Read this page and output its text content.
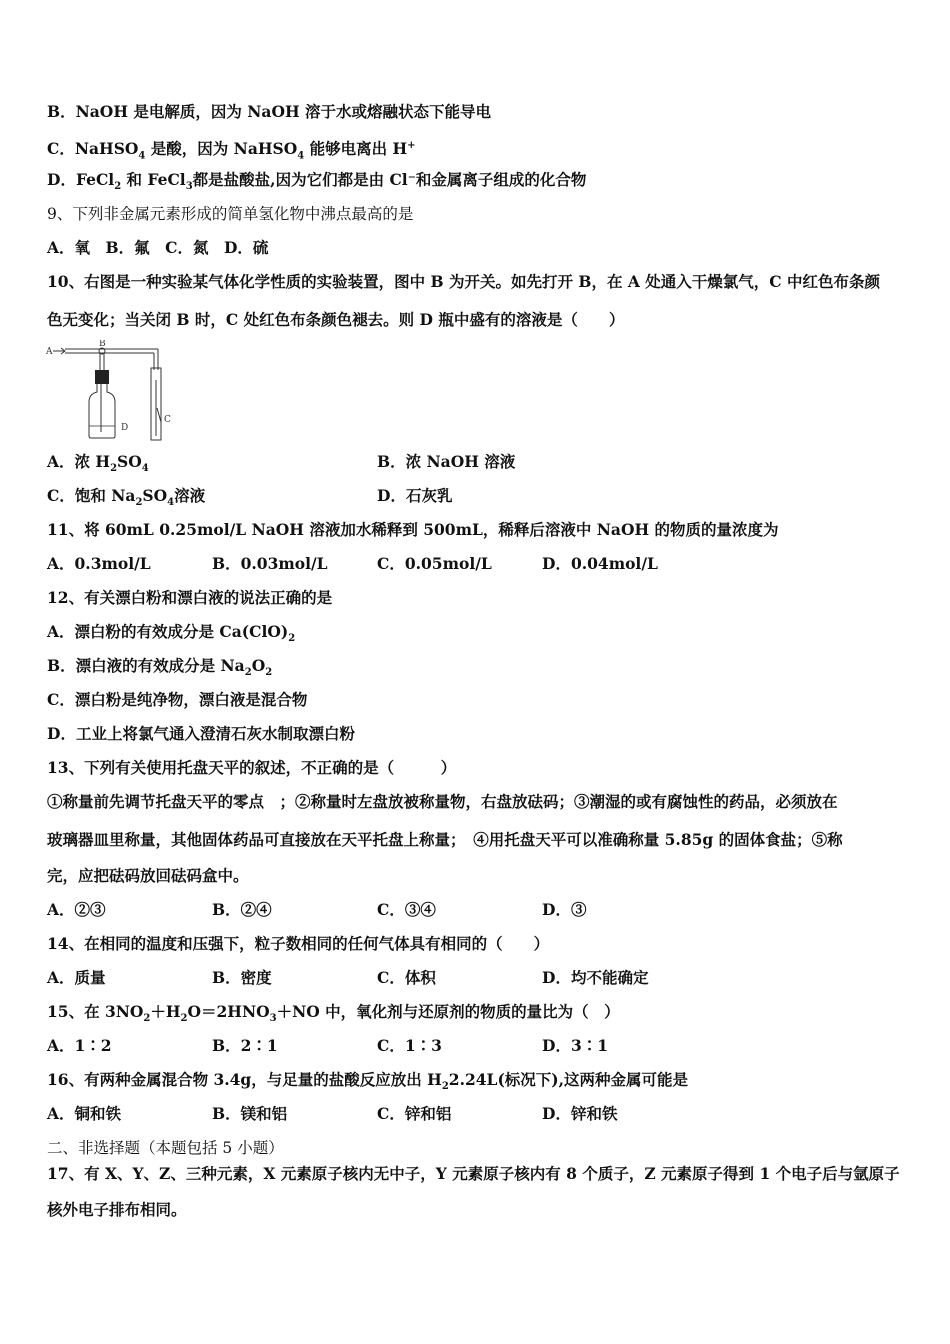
B．NaOH 是电解质，因为 NaOH 溶于水或熔融状态下能导电
C．NaHSO$_4$ 是酸，因为 NaHSO$_4$ 能够电离出 H+
D．FeCl$_2$ 和 FeCl$_3$都是盐酸盐,因为它们都是由 Cl⁻和金属离子组成的化合物
9、下列非金属元素形成的简单氢化物中沸点最高的是
A．氧　B．氟　C．氮　D．硫
10、右图是一种实验某气体化学性质的实验装置，图中 B 为开关。如先打开 B，在 A 处通入干燥氯气，C 中红色布条颜
色无变化；当关闭 B 时，C 处红色布条颜色褪去。则 D 瓶中盛有的溶液是（　　）
A
B
D
C
A．浓 $H_2SO_4$	B．浓 NaOH 溶液
C．饱和 $Na_2SO_4$溶液	D．石灰乳
11、将 60mL 0.25mol/L NaOH 溶液加水稀释到 500mL，稀释后溶液中 NaOH 的物质的量浓度为
A．0.3mol/L	B．0.03mol/L	C．0.05mol/L	D．0.04mol/L
12、有关漂白粉和漂白液的说法正确的是
A．漂白粉的有效成分是 $Ca(ClO)_2$
B．漂白液的有效成分是 $Na_2O_2$
C．漂白粉是纯净物，漂白液是混合物
D．工业上将氯气通入澄清石灰水制取漂白粉
13、下列有关使用托盘天平的叙述，不正确的是（　　　）
①称量前先调节托盘天平的零点　；②称量时左盘放被称量物，右盘放砝码；③潮湿的或有腐蚀性的药品，必须放在
玻璃器皿里称量，其他固体药品可直接放在天平托盘上称量；　④用托盘天平可以准确称量 5.85g 的固体食盐；⑤称
完，应把砝码放回砝码盒中。
A．②③	B．②④	C．③④	D．③
14、在相同的温度和压强下，粒子数相同的任何气体具有相同的（　　）
A．质量	B．密度	C．体积	D．均不能确定
15、在 $3NO_2+H_2O=2HNO_3+NO$ 中，氧化剂与还原剂的物质的量比为（　）
A．1∶2	B．2∶1	C．1∶3	D．3∶1
16、有两种金属混合物 3.4g，与足量的盐酸反应放出 $H_22.24L$(标况下),这两种金属可能是
A．铜和铁	B．镁和铝	C．锌和铝	D．锌和铁
二、非选择题（本题包括 5 小题）
17、有 X、Y、Z、三种元素，X 元素原子核内无中子，Y 元素原子核内有 8 个质子，Z 元素原子得到 1 个电子后与氩原子
核外电子排布相同。
